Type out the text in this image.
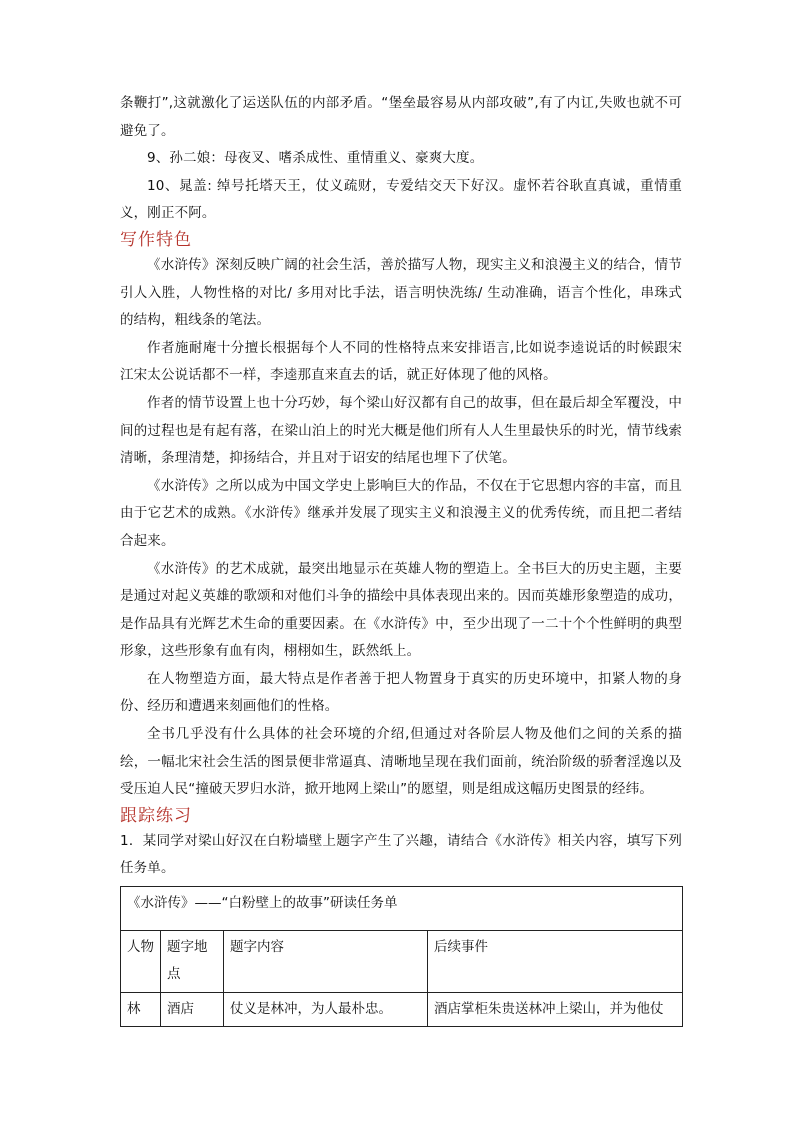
条鞭打”,这就激化了运送队伍的内部矛盾。“堡垒最容易从内部攻破”,有了内讧,失败也就不可避免了。

9、孙二娘：母夜叉、嗜杀成性、重情重义、豪爽大度。

10、晁盖: 绰号托塔天王，仗义疏财，专爱结交天下好汉。虚怀若谷耿直真诚，重情重义，刚正不阿。

写作特色

《水浒传》深刻反映广阔的社会生活，善於描写人物，现实主义和浪漫主义的结合，情节引人入胜，人物性格的对比/ 多用对比手法，语言明快洗练/ 生动准确，语言个性化，串珠式的结构，粗线条的笔法。

作者施耐庵十分擅长根据每个人不同的性格特点来安排语言,比如说李逵说话的时候跟宋江宋太公说话都不一样，李逵那直来直去的话，就正好体现了他的风格。

作者的情节设置上也十分巧妙，每个梁山好汉都有自己的故事，但在最后却全军覆没，中间的过程也是有起有落，在梁山泊上的时光大概是他们所有人人生里最快乐的时光，情节线索清晰，条理清楚，抑扬结合，并且对于诏安的结尾也埋下了伏笔。

《水浒传》之所以成为中国文学史上影响巨大的作品，不仅在于它思想内容的丰富，而且由于它艺术的成熟。《水浒传》继承并发展了现实主义和浪漫主义的优秀传统，而且把二者结合起来。

《水浒传》的艺术成就，最突出地显示在英雄人物的塑造上。全书巨大的历史主题，主要是通过对起义英雄的歌颂和对他们斗争的描绘中具体表现出来的。因而英雄形象塑造的成功，是作品具有光辉艺术生命的重要因素。在《水浒传》中，至少出现了一二十个个性鲜明的典型形象，这些形象有血有肉，栩栩如生，跃然纸上。

在人物塑造方面，最大特点是作者善于把人物置身于真实的历史环境中，扣紧人物的身份、经历和遭遇来刻画他们的性格。

全书几乎没有什么具体的社会环境的介绍,但通过对各阶层人物及他们之间的关系的描绘，一幅北宋社会生活的图景便非常逼真、清晰地呈现在我们面前，统治阶级的骄奢淫逸以及受压迫人民“撞破天罗归水浒，掀开地网上梁山”的愿望，则是组成这幅历史图景的经纬。

跟踪练习

1．某同学对梁山好汉在白粉墙壁上题字产生了兴趣，请结合《水浒传》相关内容，填写下列任务单。

《水浒传》——“白粉壁上的故事”研读任务单			
人物	题字地点	题字内容	后续事件
林	酒店	仗义是林冲，为人最朴忠。	酒店掌柜朱贵送林冲上梁山，并为他仗
